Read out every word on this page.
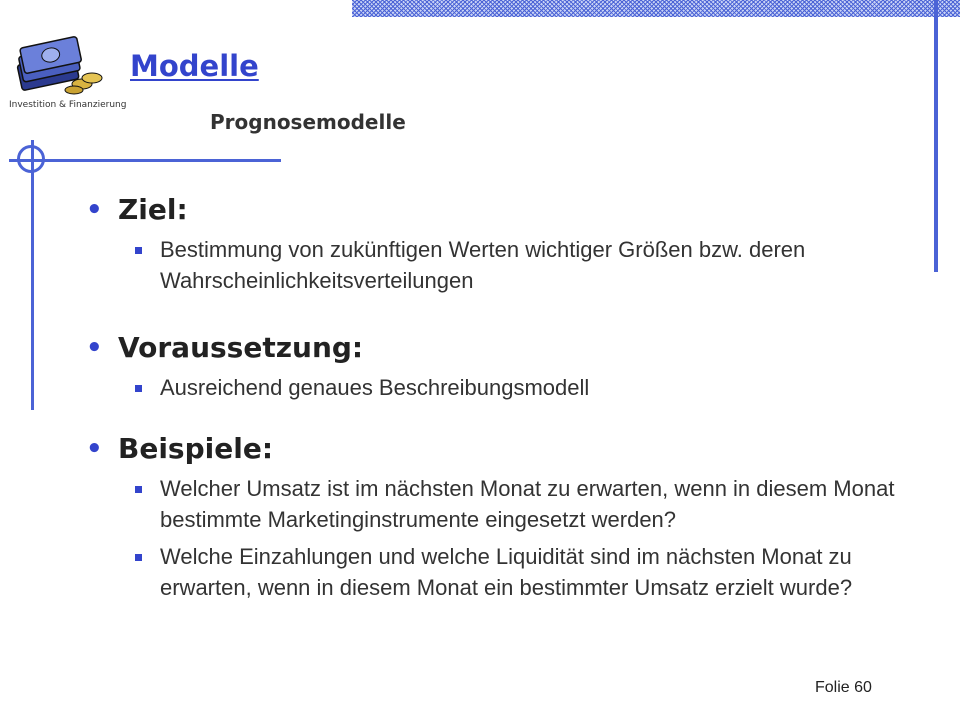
Investition & Finanzierung
Modelle
Prognosemodelle
• Ziel:
Bestimmung von zukünftigen Werten wichtiger Größen bzw. deren Wahrscheinlichkeitsverteilungen
• Voraussetzung:
Ausreichend genaues Beschreibungsmodell
• Beispiele:
Welcher Umsatz ist im nächsten Monat zu erwarten, wenn in diesem Monat bestimmte Marketinginstrumente eingesetzt werden?
Welche Einzahlungen und welche Liquidität sind im nächsten Monat zu erwarten, wenn in diesem Monat ein bestimmter Umsatz erzielt wurde?
Folie 60
